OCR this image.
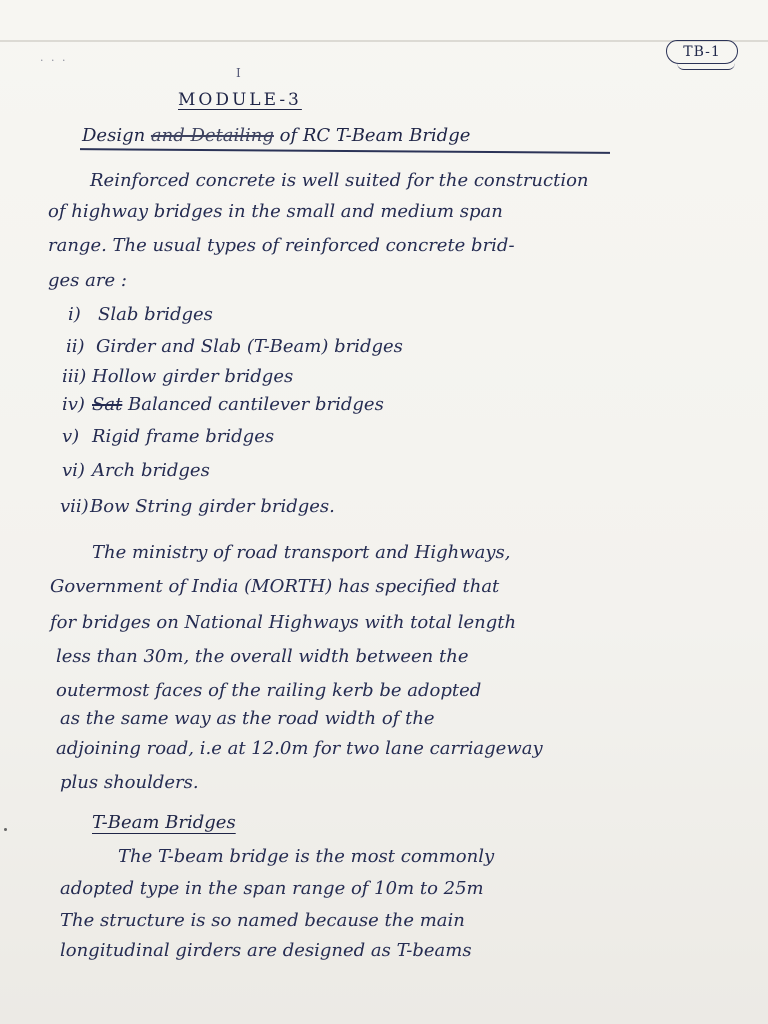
· · ·
I
TB-1
MODULE-3
Design and Detailing of RC T-Beam Bridge
Reinforced concrete is well suited for the construction
of highway bridges in the small and medium span
range. The usual types of reinforced concrete brid-
ges are :
i) Slab bridges
ii) Girder and Slab (T-Beam) bridges
iii) Hollow girder bridges
iv) Sat Balanced cantilever bridges
v) Rigid frame bridges
vi) Arch bridges
vii)Bow String girder bridges.
The ministry of road transport and Highways,
Government of India (MORTH) has specified that
for bridges on National Highways with total length
less than 30m, the overall width between the
outermost faces of the railing kerb be adopted
as the same way as the road width of the
adjoining road, i.e at 12.0m for two lane carriageway
plus shoulders.
T-Beam Bridges
The T-beam bridge is the most commonly
adopted type in the span range of 10m to 25m
The structure is so named because the main
longitudinal girders are designed as T-beams
